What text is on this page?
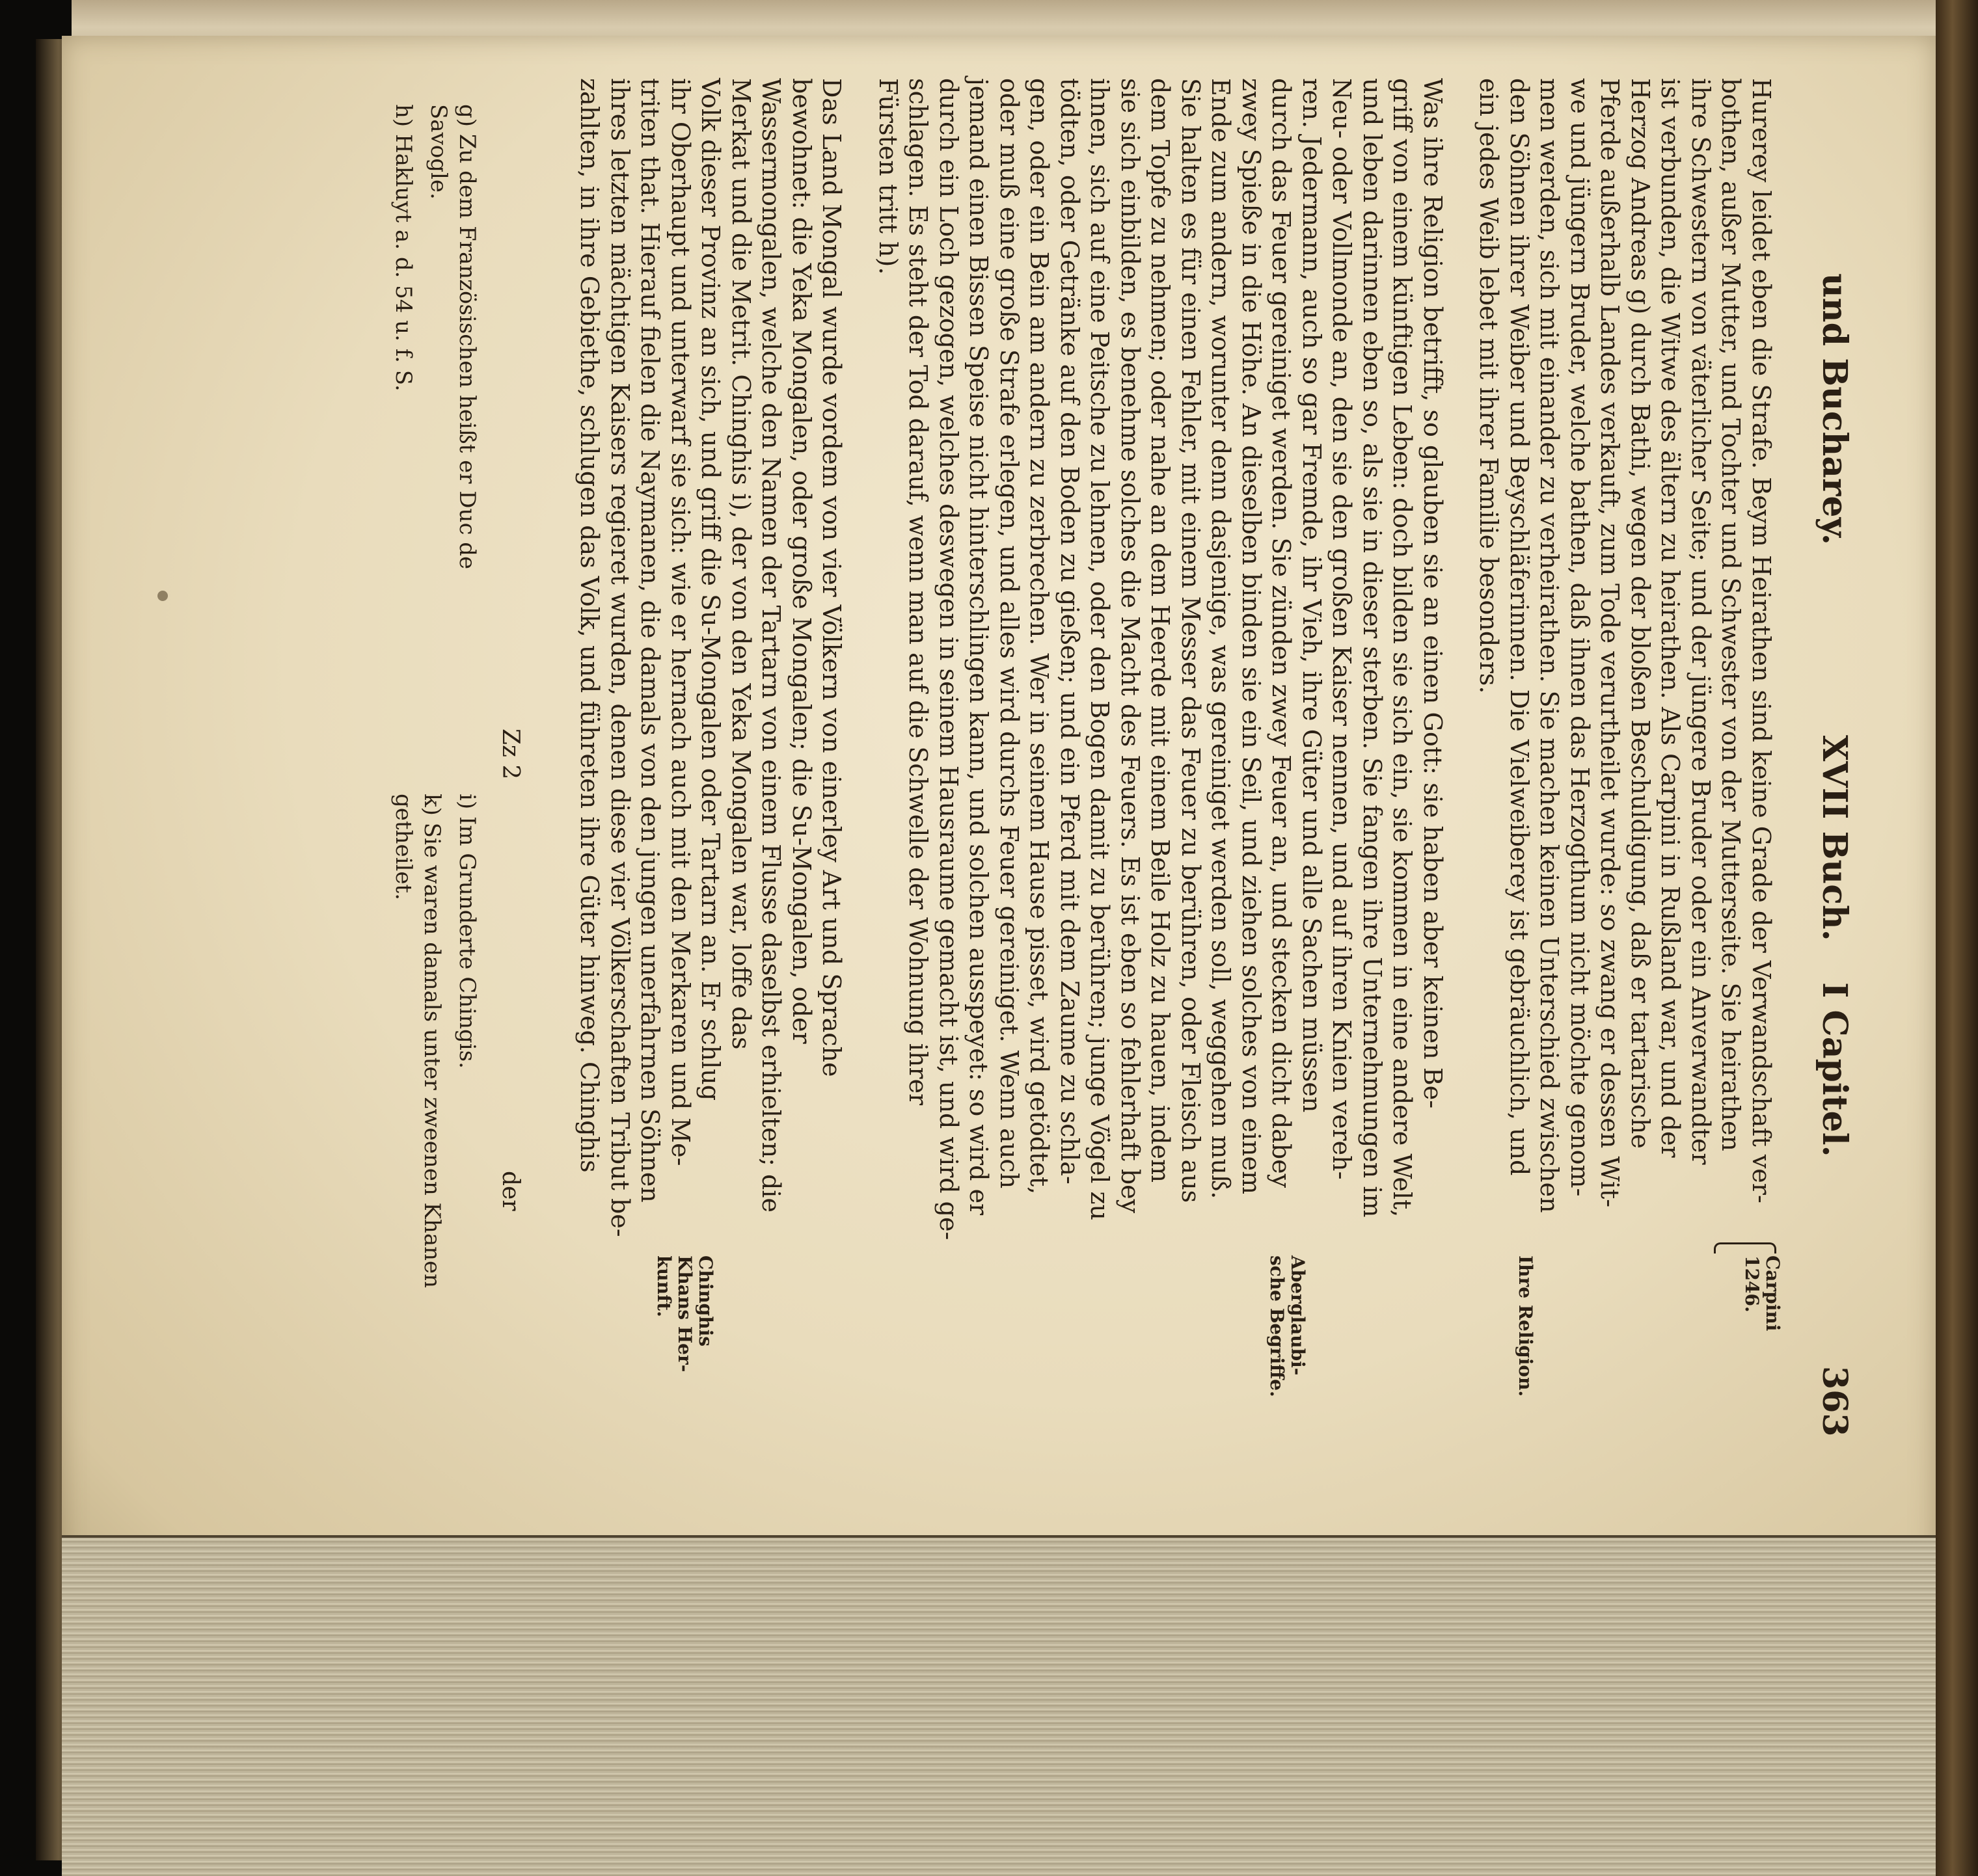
und Bucharey.
XVII Buch.
I Capitel.
363

Hurerey leidet eben die Strafe. Beym Heirathen sind keine Grade der Verwandschaft ver-

bothen, außer Mutter, und Tochter und Schwester von der Mutterseite. Sie heirathen

ihre Schwestern von väterlicher Seite; und der jüngere Bruder oder ein Anverwandter

ist verbunden, die Witwe des ältern zu heirathen. Als Carpini in Rußland war, und der

Herzog Andreas g) durch Bathi, wegen der bloßen Beschuldigung, daß er tartarische

Pferde außerhalb Landes verkauft, zum Tode verurtheilet wurde: so zwang er dessen Wit-

we und jüngern Bruder, welche bathen, daß ihnen das Herzogthum nicht möchte genom-

men werden, sich mit einander zu verheirathen. Sie machen keinen Unterschied zwischen

den Söhnen ihrer Weiber und Beyschläferinnen. Die Vielweiberey ist gebräuchlich, und

ein jedes Weib lebet mit ihrer Familie besonders.

Was ihre Religion betrifft, so glauben sie an einen Gott: sie haben aber keinen Be-

griff von einem künftigen Leben: doch bilden sie sich ein, sie kommen in eine andere Welt,

und leben darinnen eben so, als sie in dieser sterben. Sie fangen ihre Unternehmungen im

Neu- oder Vollmonde an, den sie den großen Kaiser nennen, und auf ihren Knien vereh-

ren. Jedermann, auch so gar Fremde, ihr Vieh, ihre Güter und alle Sachen müssen

durch das Feuer gereiniget werden. Sie zünden zwey Feuer an, und stecken dicht dabey

zwey Spieße in die Höhe. An dieselben binden sie ein Seil, und ziehen solches von einem

Ende zum andern, worunter denn dasjenige, was gereiniget werden soll, weggehen muß.

Sie halten es für einen Fehler, mit einem Messer das Feuer zu berühren, oder Fleisch aus

dem Topfe zu nehmen; oder nahe an dem Heerde mit einem Beile Holz zu hauen, indem

sie sich einbilden, es benehme solches die Macht des Feuers. Es ist eben so fehlerhaft bey

ihnen, sich auf eine Peitsche zu lehnen, oder den Bogen damit zu berühren; junge Vögel zu

tödten, oder Getränke auf den Boden zu gießen; und ein Pferd mit dem Zaume zu schla-

gen, oder ein Bein am andern zu zerbrechen. Wer in seinem Hause pisset, wird getödtet,

oder muß eine große Strafe erlegen, und alles wird durchs Feuer gereiniget. Wenn auch

jemand einen Bissen Speise nicht hinterschlingen kann, und solchen ausspeyet: so wird er

durch ein Loch gezogen, welches deswegen in seinem Hausraume gemacht ist, und wird ge-

schlagen. Es steht der Tod darauf, wenn man auf die Schwelle der Wohnung ihrer

Fürsten tritt h).

Das Land Mongal wurde vordem von vier Völkern von einerley Art und Sprache

bewohnet: die Yeka Mongalen, oder große Mongalen; die Su-Mongalen, oder

Wassermongalen, welche den Namen der Tartarn von einem Flusse daselbst erhielten; die

Merkat und die Metrit. Chinghis i), der von den Yeka Mongalen war, loffe das

Volk dieser Provinz an sich, und griff die Su-Mongalen oder Tartarn an. Er schlug

ihr Oberhaupt und unterwarf sie sich: wie er hernach auch mit den Merkaren und Me-

triten that. Hierauf fielen die Naymanen, die damals von den jungen unerfahrnen Söhnen

ihres letzten mächtigen Kaisers regieret wurden, denen diese vier Völkerschaften Tribut be-

zahlten, in ihre Gebiethe, schlugen das Volk, und führeten ihre Güter hinweg. Chinghis

Carpini
1246.
Ihre Religion.
Aberglaubi-
sche Begriffe.
Chinghis
Khans Her-
kunft.
Zz 2
der

g) Zu dem Französischen heißt er Duc de
Savogle.

h) Hakluyt a. d. 54 u. f. S.

i) Im Grunderte Chingis.

k) Sie waren damals unter zweenen Khanen
getheilet.
